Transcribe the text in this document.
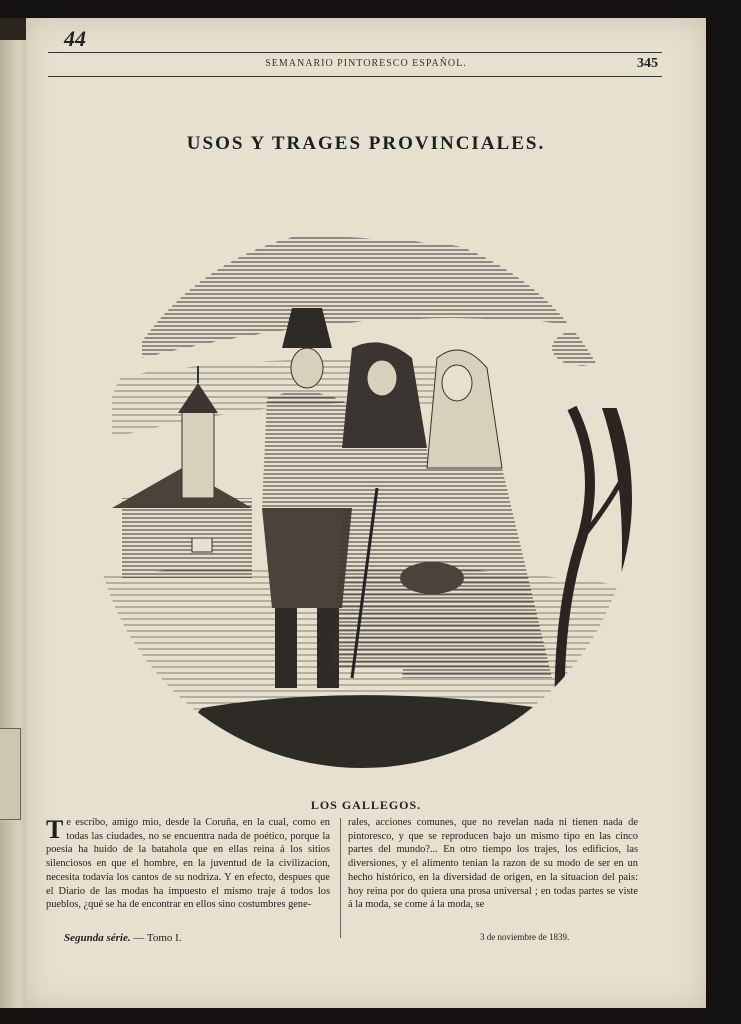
44
SEMANARIO PINTORESCO ESPAÑOL.	345
USOS Y TRAGES PROVINCIALES.
LOS GALLEGOS.
T e escribo, amigo mio, desde la Coruña, en la cual, como en todas las ciudades, no se encuentra nada de poético, porque la poesía ha huido de la batahola que en ellas reina á los sitios silenciosos en que el hombre, en la juventud de la civilizacion, necesita todavía los cantos de su nodriza. Y en efecto, despues que el Diario de las modas ha impuesto el mismo traje á todos los pueblos, ¿qué se ha de encontrar en ellos sino costumbres gene-

rales, acciones comunes, que no revelan nada ni tienen nada de pintoresco, y que se reproducen bajo un mismo tipo en las cinco partes del mundo?... En otro tiempo los trajes, los edificios, las diversiones, y el alimento tenian la razon de su modo de ser en un hecho histórico, en la diversidad de origen, en la situacion del pais: hoy reina por do quiera una prosa universal ; en todas partes se viste á la moda, se come á la moda, se

Segunda série. — Tomo I.	3 de noviembre de 1839.
